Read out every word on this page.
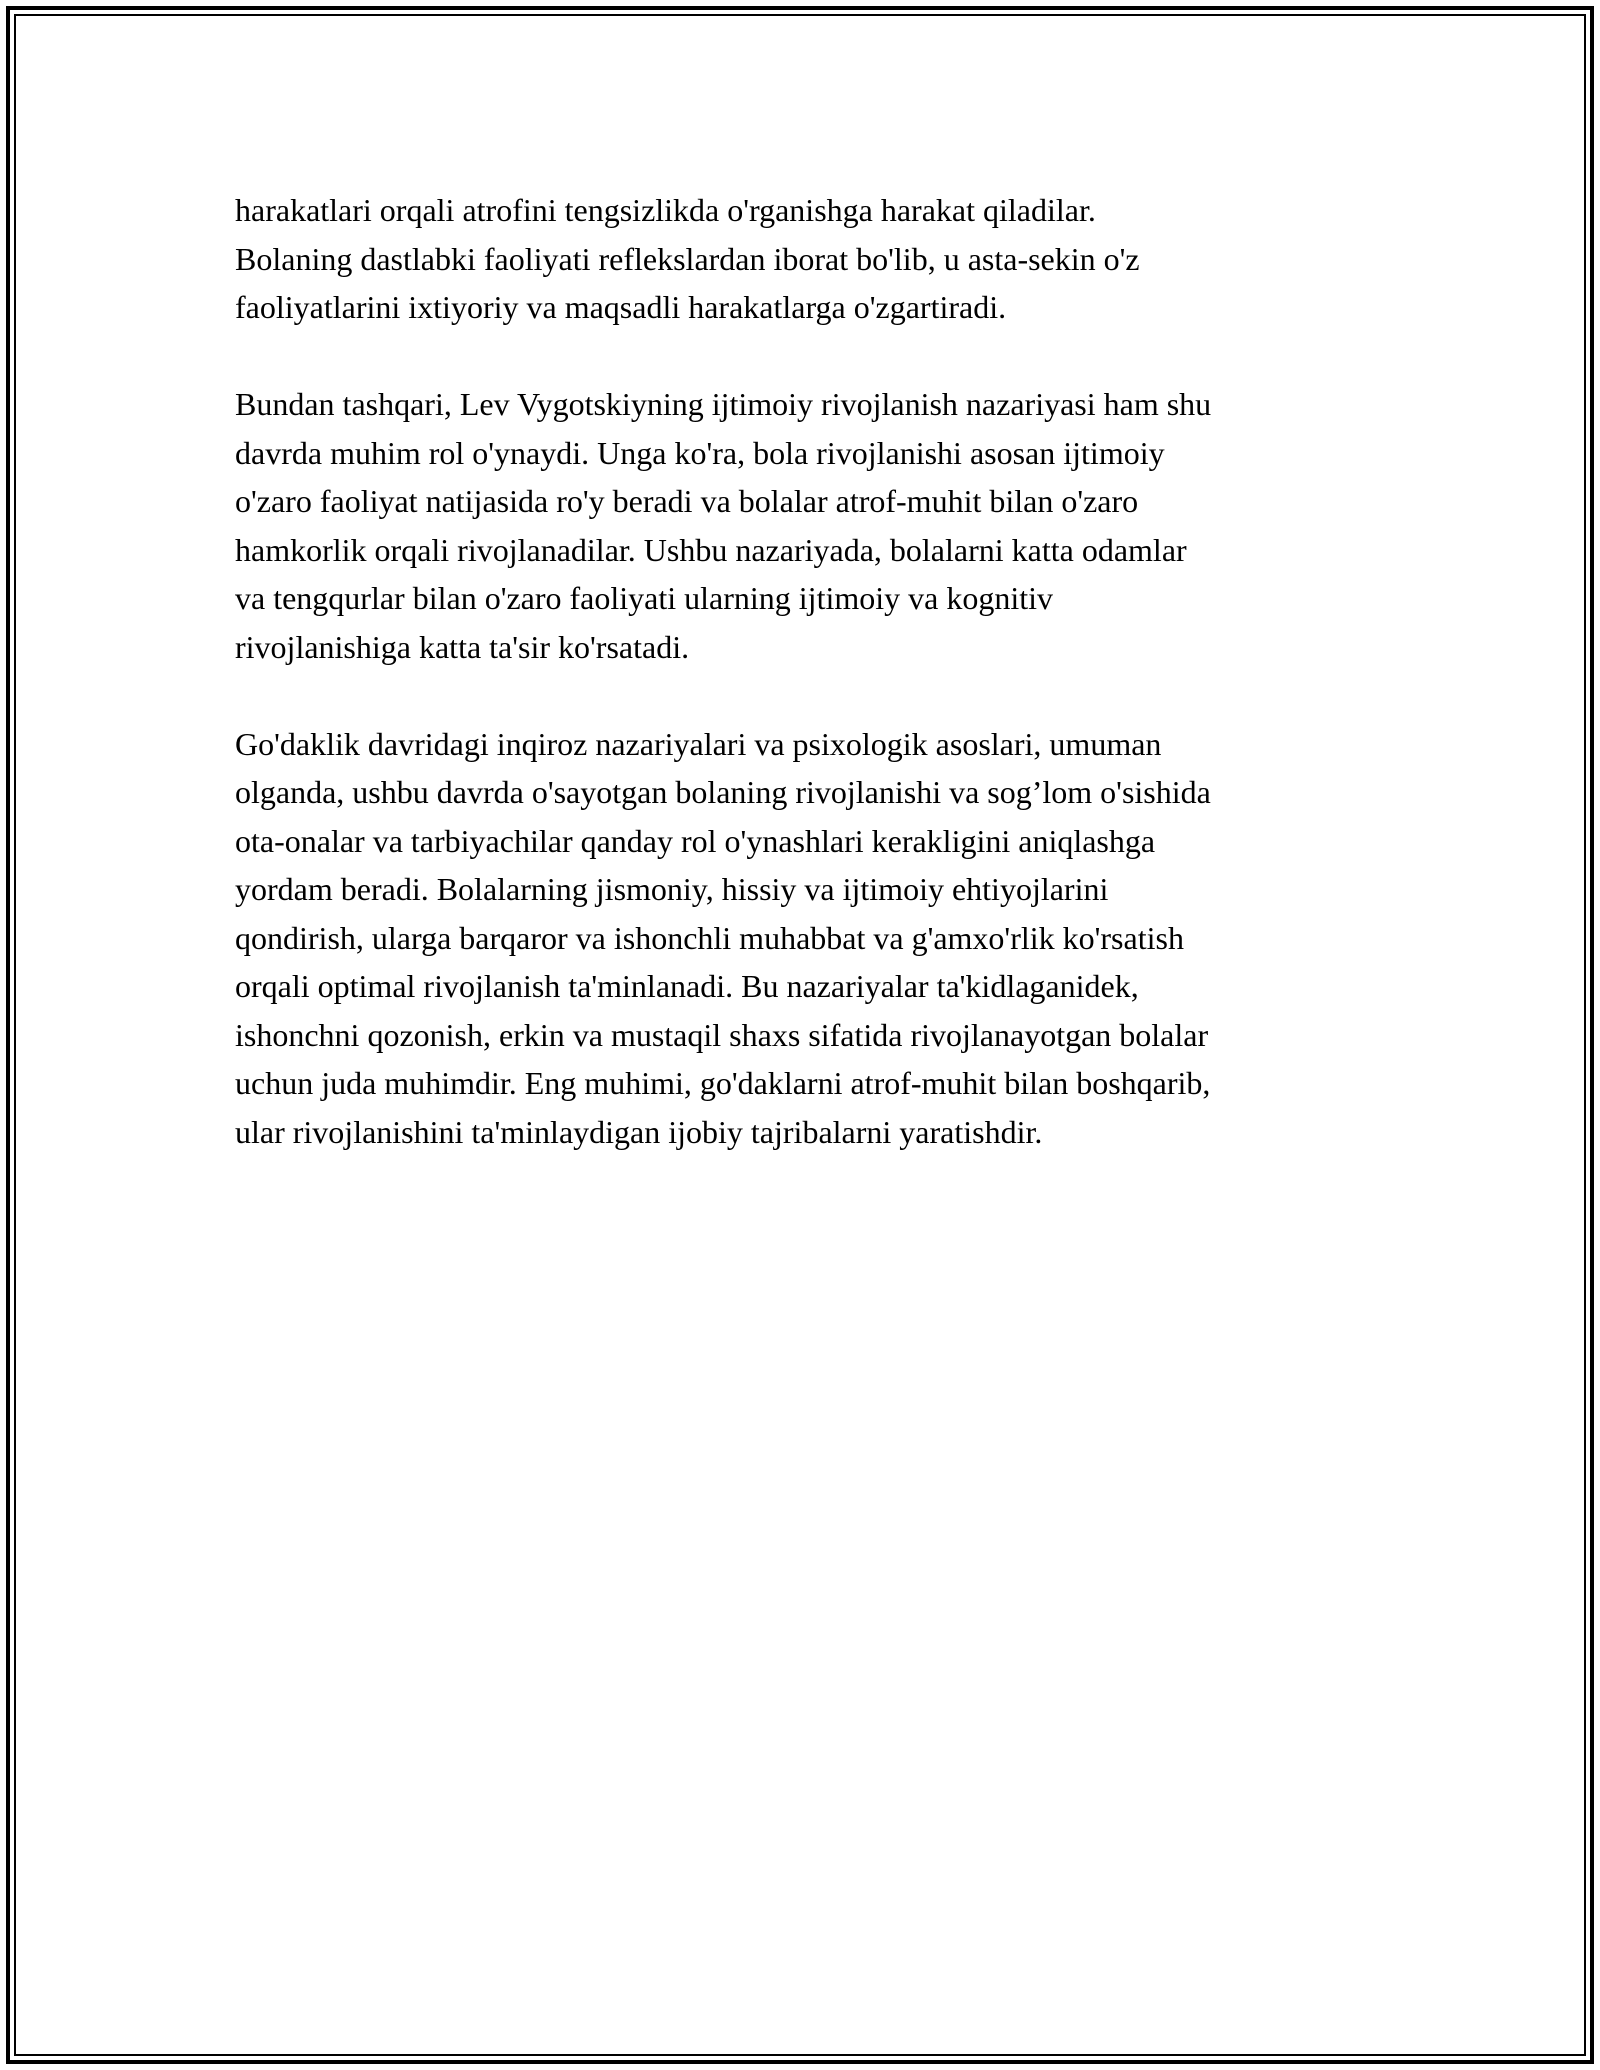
harakatlari orqali atrofini tengsizlikda o'rganishga harakat qiladilar.
Bolaning dastlabki faoliyati reflekslardan iborat bo'lib, u asta-sekin o'z
faoliyatlarini ixtiyoriy va maqsadli harakatlarga o'zgartiradi.

Bundan tashqari, Lev Vygotskiyning ijtimoiy rivojlanish nazariyasi ham shu
davrda muhim rol o'ynaydi. Unga ko'ra, bola rivojlanishi asosan ijtimoiy
o'zaro faoliyat natijasida ro'y beradi va bolalar atrof-muhit bilan o'zaro
hamkorlik orqali rivojlanadilar. Ushbu nazariyada, bolalarni katta odamlar
va tengqurlar bilan o'zaro faoliyati ularning ijtimoiy va kognitiv
rivojlanishiga katta ta'sir ko'rsatadi.

Go'daklik davridagi inqiroz nazariyalari va psixologik asoslari, umuman
olganda, ushbu davrda o'sayotgan bolaning rivojlanishi va sog’lom o'sishida
ota-onalar va tarbiyachilar qanday rol o'ynashlari kerakligini aniqlashga
yordam beradi. Bolalarning jismoniy, hissiy va ijtimoiy ehtiyojlarini
qondirish, ularga barqaror va ishonchli muhabbat va g'amxo'rlik ko'rsatish
orqali optimal rivojlanish ta'minlanadi. Bu nazariyalar ta'kidlaganidek,
ishonchni qozonish, erkin va mustaqil shaxs sifatida rivojlanayotgan bolalar
uchun juda muhimdir. Eng muhimi, go'daklarni atrof-muhit bilan boshqarib,
ular rivojlanishini ta'minlaydigan ijobiy tajribalarni yaratishdir.
